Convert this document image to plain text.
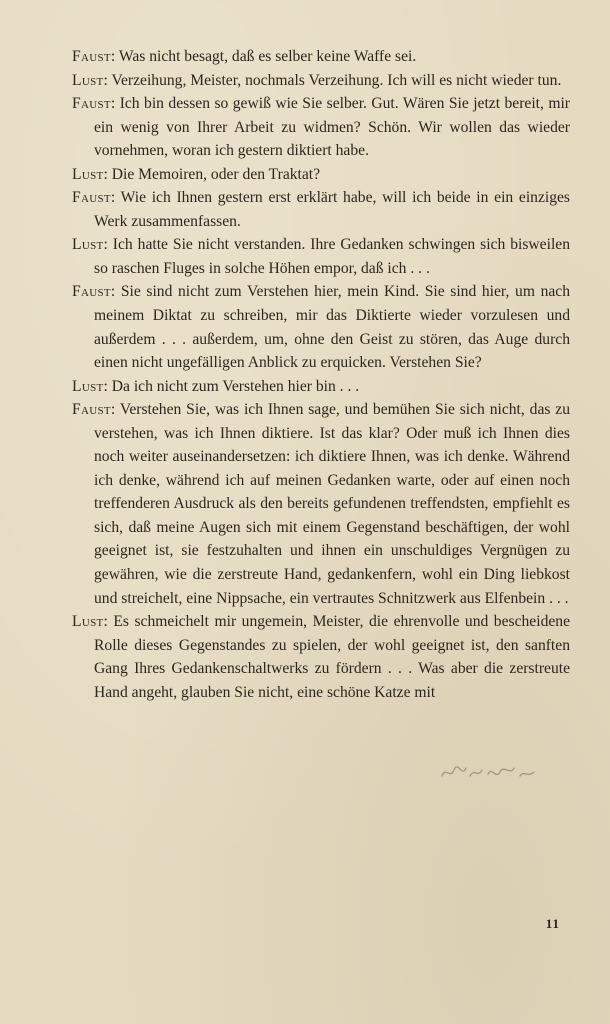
Faust: Was nicht besagt, daß es selber keine Waffe sei.

Lust: Verzeihung, Meister, nochmals Verzeihung. Ich will es nicht wieder tun.

Faust: Ich bin dessen so gewiß wie Sie selber. Gut. Wären Sie jetzt bereit, mir ein wenig von Ihrer Arbeit zu widmen? Schön. Wir wollen das wieder vornehmen, woran ich gestern diktiert habe.

Lust: Die Memoiren, oder den Traktat?

Faust: Wie ich Ihnen gestern erst erklärt habe, will ich beide in ein einziges Werk zusammenfassen.

Lust: Ich hatte Sie nicht verstanden. Ihre Gedanken schwingen sich bisweilen so raschen Fluges in solche Höhen empor, daß ich . . .

Faust: Sie sind nicht zum Verstehen hier, mein Kind. Sie sind hier, um nach meinem Diktat zu schreiben, mir das Diktierte wieder vorzulesen und außerdem . . . außerdem, um, ohne den Geist zu stören, das Auge durch einen nicht ungefälligen Anblick zu erquicken. Verstehen Sie?

Lust: Da ich nicht zum Verstehen hier bin . . .

Faust: Verstehen Sie, was ich Ihnen sage, und bemühen Sie sich nicht, das zu verstehen, was ich Ihnen diktiere. Ist das klar? Oder muß ich Ihnen dies noch weiter auseinandersetzen: ich diktiere Ihnen, was ich denke. Während ich denke, während ich auf meinen Gedanken warte, oder auf einen noch treffenderen Ausdruck als den bereits gefundenen treffendsten, empfiehlt es sich, daß meine Augen sich mit einem Gegenstand beschäftigen, der wohl geeignet ist, sie festzuhalten und ihnen ein unschuldiges Vergnügen zu gewähren, wie die zerstreute Hand, gedankenfern, wohl ein Ding liebkost und streichelt, eine Nippsache, ein vertrautes Schnitzwerk aus Elfenbein . . .

Lust: Es schmeichelt mir ungemein, Meister, die ehrenvolle und bescheidene Rolle dieses Gegenstandes zu spielen, der wohl geeignet ist, den sanften Gang Ihres Gedankenschaltwerks zu fördern . . . Was aber die zerstreute Hand angeht, glauben Sie nicht, eine schöne Katze mit

11
